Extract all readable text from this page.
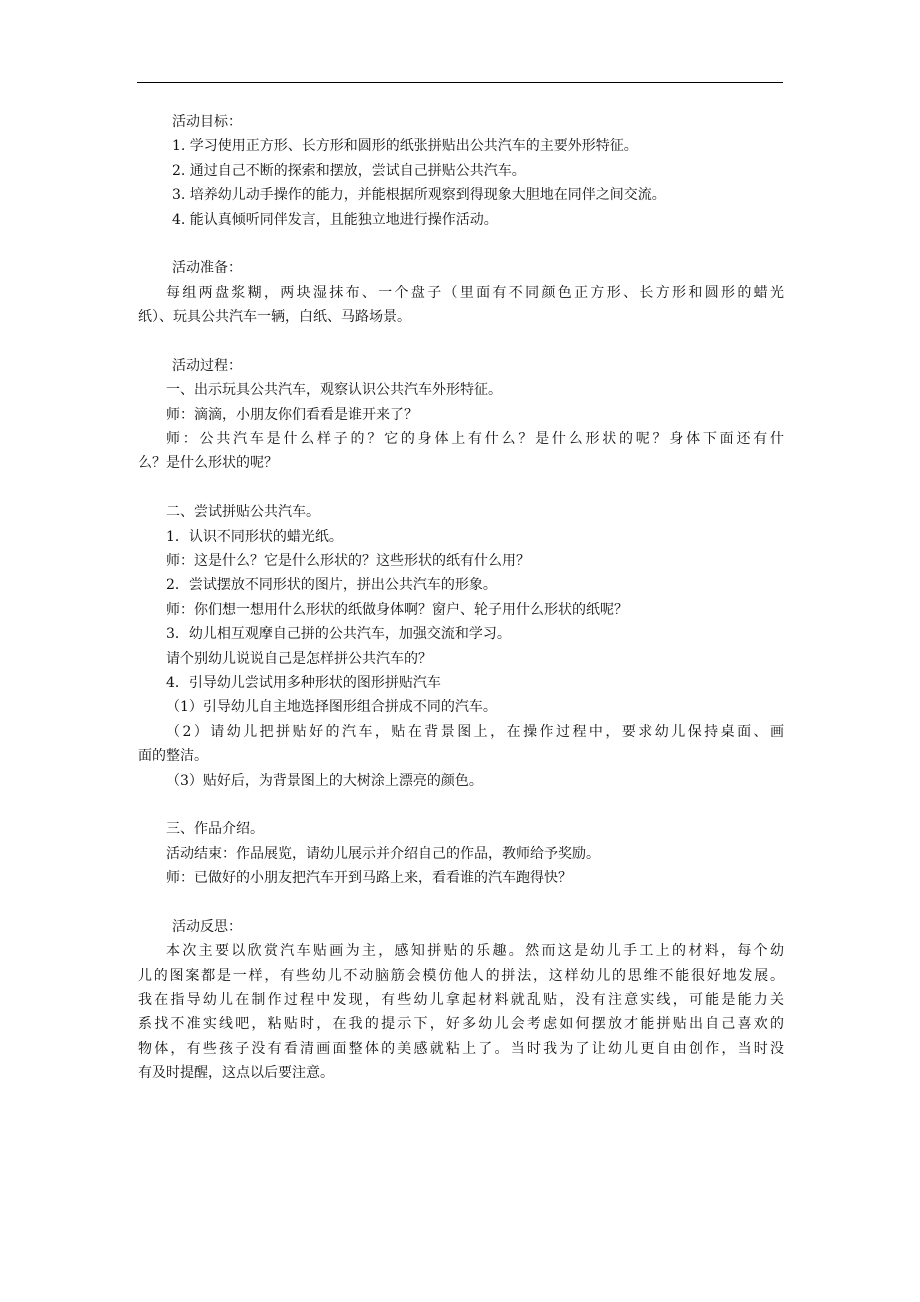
活动目标：
1. 学习使用正方形、长方形和圆形的纸张拼贴出公共汽车的主要外形特征。
2. 通过自己不断的探索和摆放，尝试自己拼贴公共汽车。
3. 培养幼儿动手操作的能力，并能根据所观察到得现象大胆地在同伴之间交流。
4. 能认真倾听同伴发言，且能独立地进行操作活动。
活动准备：
每组两盘浆糊，两块湿抹布、一个盘子（里面有不同颜色正方形、长方形和圆形的蜡光
纸）、玩具公共汽车一辆，白纸、马路场景。
活动过程：
一、出示玩具公共汽车，观察认识公共汽车外形特征。
师：滴滴，小朋友你们看看是谁开来了？
师：公共汽车是什么样子的？它的身体上有什么？是什么形状的呢？身体下面还有什
么？是什么形状的呢？
二、尝试拼贴公共汽车。
1．认识不同形状的蜡光纸。
师：这是什么？它是什么形状的？这些形状的纸有什么用？
2．尝试摆放不同形状的图片，拼出公共汽车的形象。
师：你们想一想用什么形状的纸做身体啊？窗户、轮子用什么形状的纸呢？
3．幼儿相互观摩自己拼的公共汽车，加强交流和学习。
请个别幼儿说说自己是怎样拼公共汽车的？
4．引导幼儿尝试用多种形状的图形拼贴汽车
（1）引导幼儿自主地选择图形组合拼成不同的汽车。
（2）请幼儿把拼贴好的汽车，贴在背景图上，在操作过程中，要求幼儿保持桌面、画
面的整洁。
（3）贴好后，为背景图上的大树涂上漂亮的颜色。
三、作品介绍。
活动结束：作品展览，请幼儿展示并介绍自己的作品，教师给予奖励。
师：已做好的小朋友把汽车开到马路上来，看看谁的汽车跑得快？
活动反思：
本次主要以欣赏汽车贴画为主，感知拼贴的乐趣。然而这是幼儿手工上的材料，每个幼
儿的图案都是一样，有些幼儿不动脑筋会模仿他人的拼法，这样幼儿的思维不能很好地发展。
我在指导幼儿在制作过程中发现，有些幼儿拿起材料就乱贴，没有注意实线，可能是能力关
系找不准实线吧，粘贴时，在我的提示下，好多幼儿会考虑如何摆放才能拼贴出自己喜欢的
物体，有些孩子没有看清画面整体的美感就粘上了。当时我为了让幼儿更自由创作，当时没
有及时提醒，这点以后要注意。
